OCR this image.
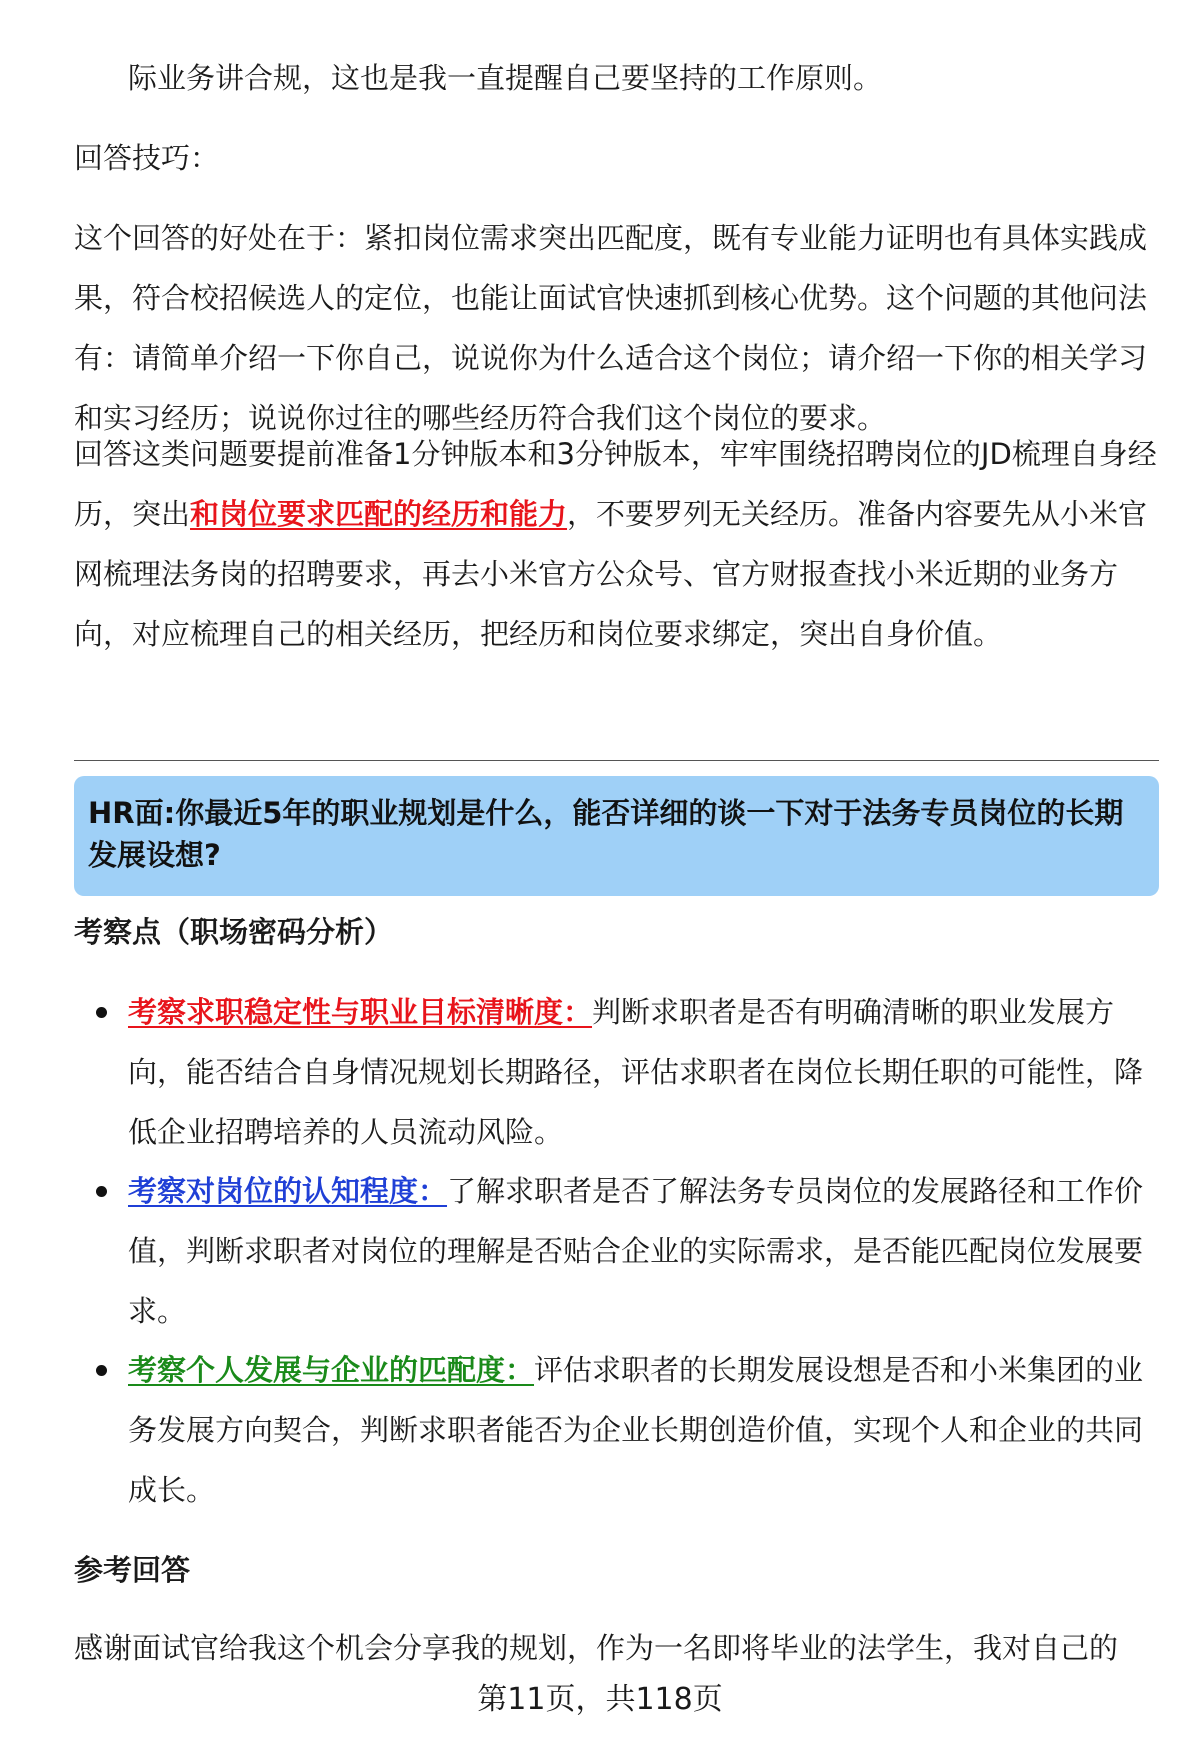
际业务讲合规，这也是我一直提醒自己要坚持的工作原则。

回答技巧：

这个回答的好处在于：紧扣岗位需求突出匹配度，既有专业能力证明也有具体实践成果，符合校招候选人的定位，也能让面试官快速抓到核心优势。这个问题的其他问法有：请简单介绍一下你自己，说说你为什么适合这个岗位；请介绍一下你的相关学习和实习经历；说说你过往的哪些经历符合我们这个岗位的要求。

回答这类问题要提前准备1分钟版本和3分钟版本，牢牢围绕招聘岗位的JD梳理自身经历，突出和岗位要求匹配的经历和能力，不要罗列无关经历。准备内容要先从小米官网梳理法务岗的招聘要求，再去小米官方公众号、官方财报查找小米近期的业务方向，对应梳理自己的相关经历，把经历和岗位要求绑定，突出自身价值。

HR面:你最近5年的职业规划是什么，能否详细的谈一下对于法务专员岗位的长期发展设想?

考察点（职场密码分析）

考察求职稳定性与职业目标清晰度：判断求职者是否有明确清晰的职业发展方向，能否结合自身情况规划长期路径，评估求职者在岗位长期任职的可能性，降低企业招聘培养的人员流动风险。

考察对岗位的认知程度：了解求职者是否了解法务专员岗位的发展路径和工作价值，判断求职者对岗位的理解是否贴合企业的实际需求，是否能匹配岗位发展要求。

考察个人发展与企业的匹配度：评估求职者的长期发展设想是否和小米集团的业务发展方向契合，判断求职者能否为企业长期创造价值，实现个人和企业的共同成长。

参考回答

感谢面试官给我这个机会分享我的规划，作为一名即将毕业的法学生，我对自己的

第11页，共118页
